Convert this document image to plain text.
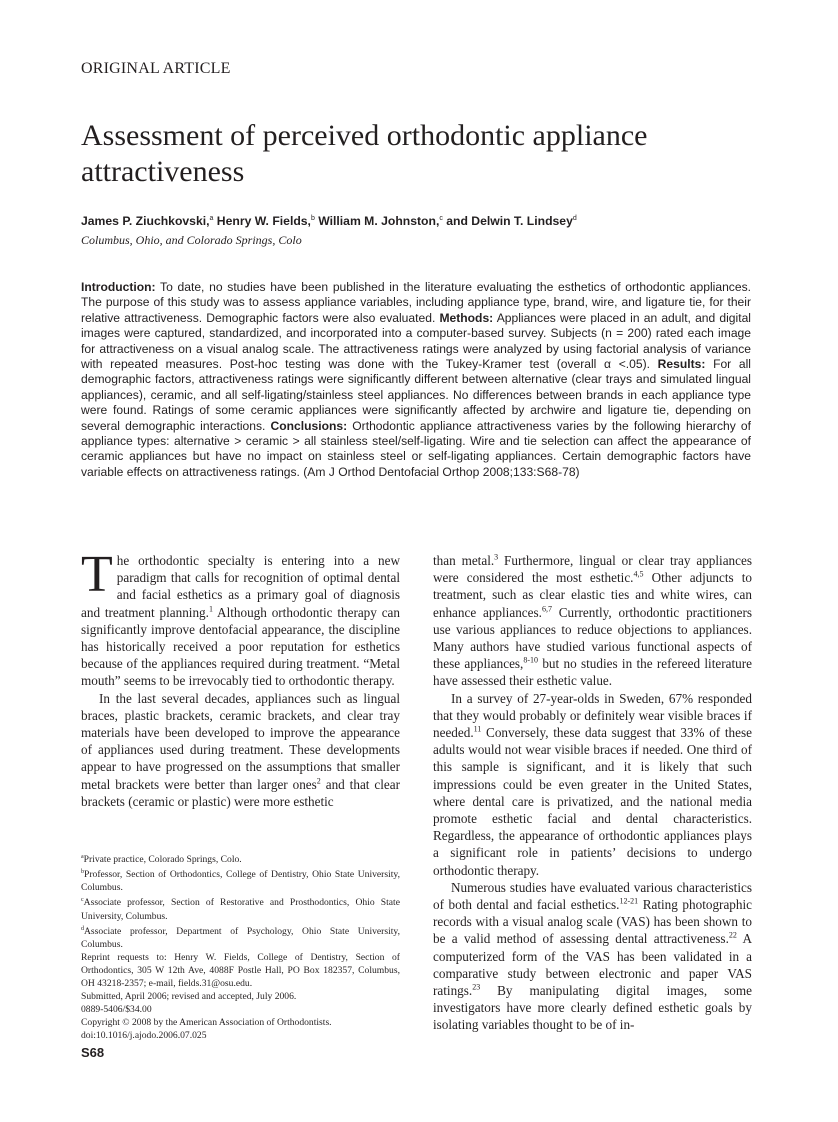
ORIGINAL ARTICLE
Assessment of perceived orthodontic appliance attractiveness
James P. Ziuchkovski,$^a$ Henry W. Fields,$^b$ William M. Johnston,$^c$ and Delwin T. Lindsey$^d$
Columbus, Ohio, and Colorado Springs, Colo
Introduction: To date, no studies have been published in the literature evaluating the esthetics of orthodontic appliances. The purpose of this study was to assess appliance variables, including appliance type, brand, wire, and ligature tie, for their relative attractiveness. Demographic factors were also evaluated. Methods: Appliances were placed in an adult, and digital images were captured, standardized, and incorporated into a computer-based survey. Subjects (n = 200) rated each image for attractiveness on a visual analog scale. The attractiveness ratings were analyzed by using factorial analysis of variance with repeated measures. Post-hoc testing was done with the Tukey-Kramer test (overall α <.05). Results: For all demographic factors, attractiveness ratings were significantly different between alternative (clear trays and simulated lingual appliances), ceramic, and all self-ligating/stainless steel appliances. No differences between brands in each appliance type were found. Ratings of some ceramic appliances were significantly affected by archwire and ligature tie, depending on several demographic interactions. Conclusions: Orthodontic appliance attractiveness varies by the following hierarchy of appliance types: alternative > ceramic > all stainless steel/self-ligating. Wire and tie selection can affect the appearance of ceramic appliances but have no impact on stainless steel or self-ligating appliances. Certain demographic factors have variable effects on attractiveness ratings. (Am J Orthod Dentofacial Orthop 2008;133:S68-78)

The orthodontic specialty is entering into a new paradigm that calls for recognition of optimal dental and facial esthetics as a primary goal of diagnosis and treatment planning.$^1$ Although orthodontic therapy can significantly improve dentofacial appearance, the discipline has historically received a poor reputation for esthetics because of the appliances required during treatment. “Metal mouth” seems to be irrevocably tied to orthodontic therapy.

In the last several decades, appliances such as lingual braces, plastic brackets, ceramic brackets, and clear tray materials have been developed to improve the appearance of appliances used during treatment. These developments appear to have progressed on the assumptions that smaller metal brackets were better than larger ones$^2$ and that clear brackets (ceramic or plastic) were more esthetic

than metal.$^3$ Furthermore, lingual or clear tray appliances were considered the most esthetic.$^{4,5}$ Other adjuncts to treatment, such as clear elastic ties and white wires, can enhance appliances.$^{6,7}$ Currently, orthodontic practitioners use various appliances to reduce objections to appliances. Many authors have studied various functional aspects of these appliances,$^{8-10}$ but no studies in the refereed literature have assessed their esthetic value.

In a survey of 27-year-olds in Sweden, 67% responded that they would probably or definitely wear visible braces if needed.$^{11}$ Conversely, these data suggest that 33% of these adults would not wear visible braces if needed. One third of this sample is significant, and it is likely that such impressions could be even greater in the United States, where dental care is privatized, and the national media promote esthetic facial and dental characteristics. Regardless, the appearance of orthodontic appliances plays a significant role in patients’ decisions to undergo orthodontic therapy.

Numerous studies have evaluated various characteristics of both dental and facial esthetics.$^{12-21}$ Rating photographic records with a visual analog scale (VAS) has been shown to be a valid method of assessing dental attractiveness.$^{22}$ A computerized form of the VAS has been validated in a comparative study between electronic and paper VAS ratings.$^{23}$ By manipulating digital images, some investigators have more clearly defined esthetic goals by isolating variables thought to be of in-

$^a$Private practice, Colorado Springs, Colo.
$^b$Professor, Section of Orthodontics, College of Dentistry, Ohio State University, Columbus.
$^c$Associate professor, Section of Restorative and Prosthodontics, Ohio State University, Columbus.
$^d$Associate professor, Department of Psychology, Ohio State University, Columbus.
Reprint requests to: Henry W. Fields, College of Dentistry, Section of Orthodontics, 305 W 12th Ave, 4088F Postle Hall, PO Box 182357, Columbus, OH 43218-2357; e-mail, fields.31@osu.edu.
Submitted, April 2006; revised and accepted, July 2006.
0889-5406/$34.00
Copyright © 2008 by the American Association of Orthodontists.
doi:10.1016/j.ajodo.2006.07.025
S68
